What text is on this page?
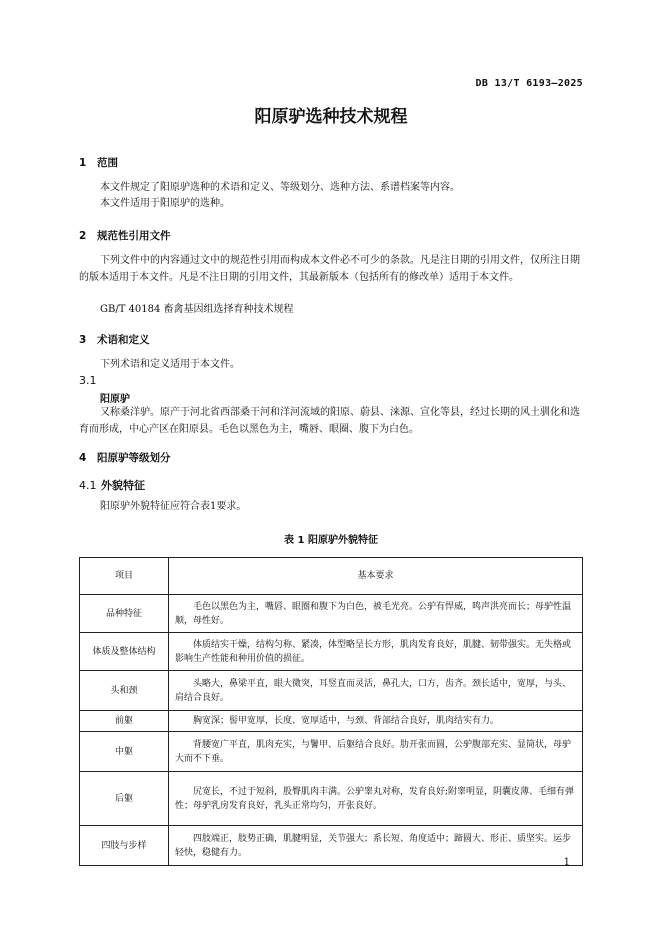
DB 13/T 6193—2025
阳原驴选种技术规程
1 范围
本文件规定了阳原驴选种的术语和定义、等级划分、选种方法、系谱档案等内容。
本文件适用于阳原驴的选种。
2 规范性引用文件
下列文件中的内容通过文中的规范性引用而构成本文件必不可少的条款。凡是注日期的引用文件，仅所注日期的版本适用于本文件。凡是不注日期的引用文件，其最新版本（包括所有的修改单）适用于本文件。
GB/T 40184 畜禽基因组选择育种技术规程
3 术语和定义
下列术语和定义适用于本文件。
3.1
阳原驴
又称桑洋驴。原产于河北省西部桑干河和洋河流域的阳原、蔚县、涞源、宣化等县，经过长期的风土驯化和选育而形成，中心产区在阳原县。毛色以黑色为主，嘴唇、眼圈、腹下为白色。
4 阳原驴等级划分
4.1 外貌特征
阳原驴外貌特征应符合表1要求。
表 1 阳原驴外貌特征
项目	基本要求
品种特征	毛色以黑色为主，嘴唇、眼圈和腹下为白色，被毛光亮。公驴有悍威，鸣声洪亮而长；母驴性温顺，母性好。
体质及整体结构	体质结实干燥，结构匀称、紧凑，体型略呈长方形，肌肉发育良好，肌腱、韧带强实。无失格或影响生产性能和种用价值的损征。
头和颈	头略大，鼻梁平直，眼大微突，耳竖直而灵活，鼻孔大，口方，齿齐。颈长适中，宽厚，与头、肩结合良好。
前躯	胸宽深；髻甲宽厚，长度、宽厚适中，与颈、背部结合良好，肌肉结实有力。
中躯	背腰宽广平直，肌肉充实，与鬐甲、后躯结合良好。肋开张而圆，公驴腹部充实、显筒状，母驴大而不下垂。
后躯	尻宽长，不过于短斜，股臀肌肉丰满。公驴睾丸对称，发育良好;附睾明显，阴囊皮薄、毛细有弹性；母驴乳房发育良好，乳头正常均匀，开张良好。
四肢与步样	四肢端正，肢势正确，肌腱明显，关节强大；系长短、角度适中；蹄圆大、形正、质坚实。运步轻快，稳健有力。
1
